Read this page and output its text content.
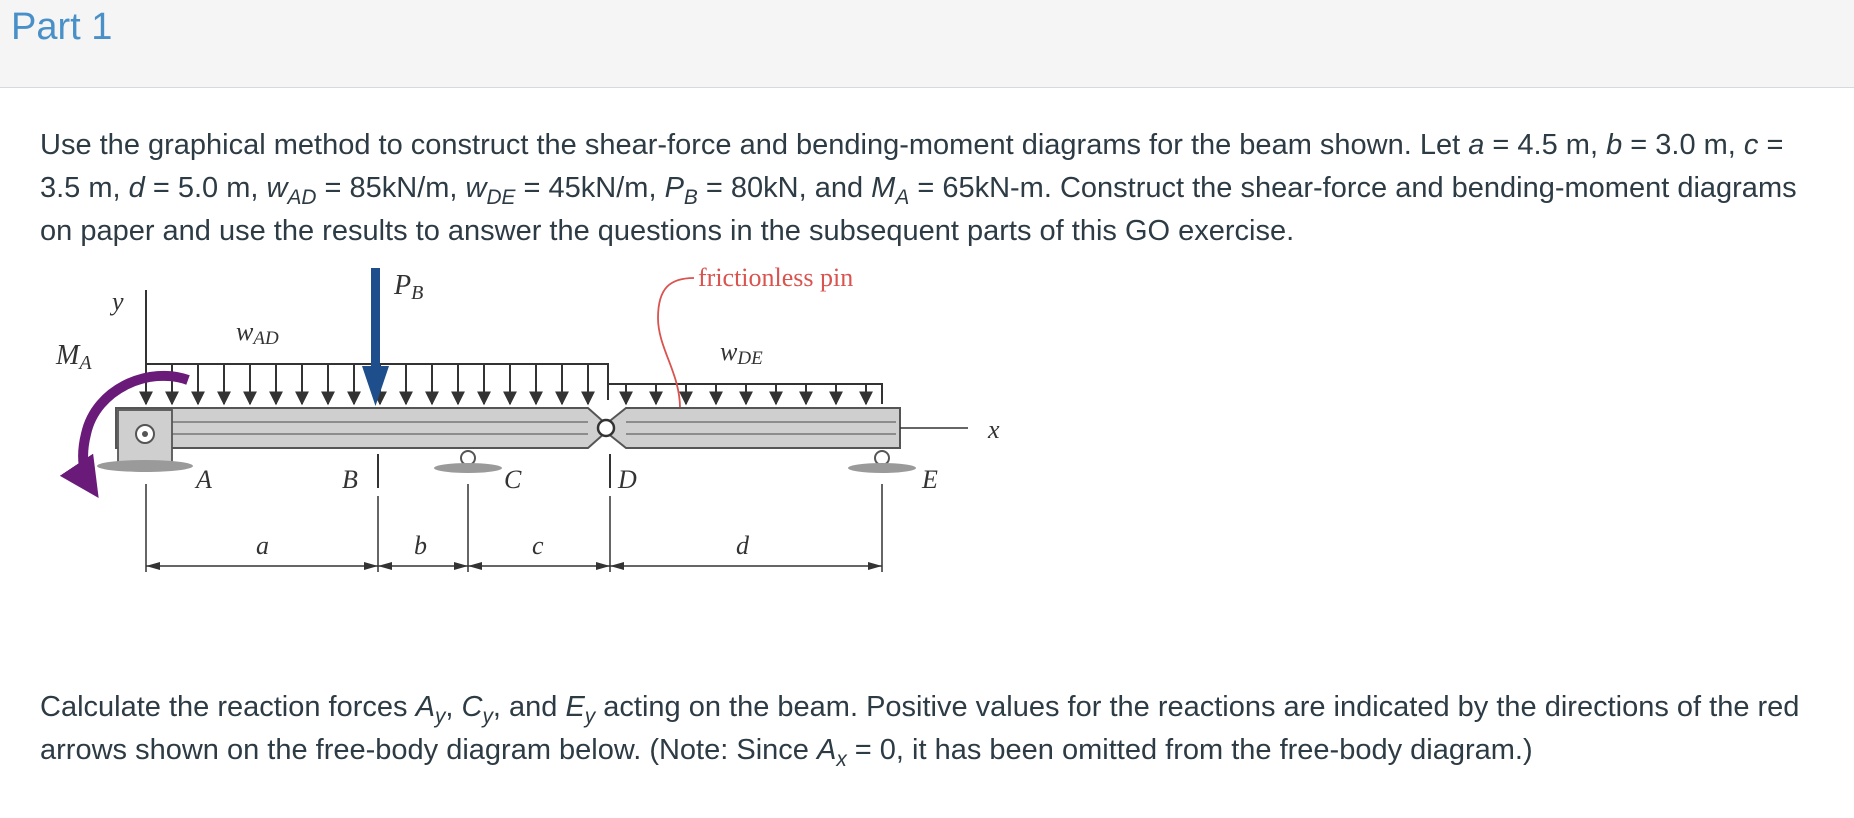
Part 1
Use the graphical method to construct the shear-force and bending-moment diagrams for the beam shown. Let a = 4.5 m, b = 3.0 m, c = 3.5 m, d = 5.0 m, $w_{AD} = 85kN/m$, $w_{DE} = 45kN/m$, $P_B = 80kN$, and $M_A = 65kN-m$. Construct the shear-force and bending-moment diagrams on paper and use the results to answer the questions in the subsequent parts of this GO exercise.
y
wAD	wDE
PB
frictionless pin
x
MA
A	B	C	D	E
a	b	c	d
Calculate the reaction forces $A_y$, $C_y$, and $E_y$ acting on the beam. Positive values for the reactions are indicated by the directions of the red arrows shown on the free-body diagram below. (Note: Since $A_x = 0$, it has been omitted from the free-body diagram.)
